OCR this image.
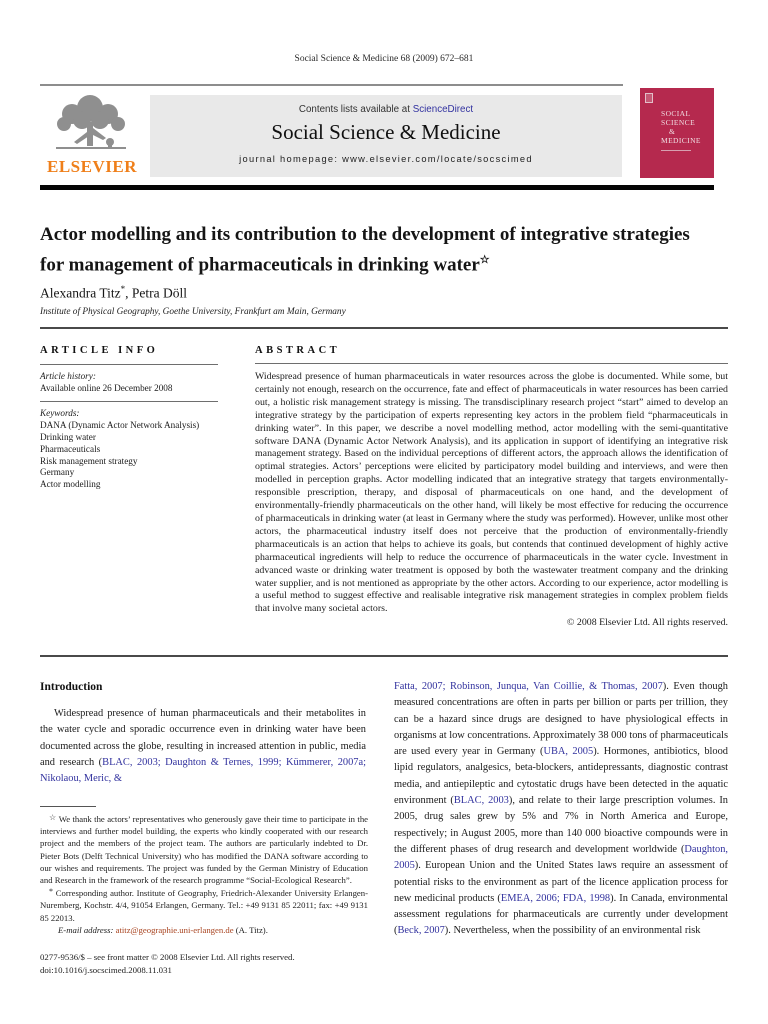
Social Science & Medicine 68 (2009) 672–681
ELSEVIER
Contents lists available at ScienceDirect
Social Science & Medicine
journal homepage: www.elsevier.com/locate/socscimed
SOCIAL
SCIENCE
&
MEDICINE
Actor modelling and its contribution to the development of integrative strategies for management of pharmaceuticals in drinking water☆
Alexandra Titz*, Petra Döll
Institute of Physical Geography, Goethe University, Frankfurt am Main, Germany
ARTICLE INFO
Article history:
Available online 26 December 2008
Keywords:
DANA (Dynamic Actor Network Analysis)
Drinking water
Pharmaceuticals
Risk management strategy
Germany
Actor modelling
ABSTRACT
Widespread presence of human pharmaceuticals in water resources across the globe is documented. While some, but certainly not enough, research on the occurrence, fate and effect of pharmaceuticals in water resources has been carried out, a holistic risk management strategy is missing. The transdisciplinary research project “start” aimed to develop an integrative strategy by the participation of experts representing key actors in the problem field “pharmaceuticals in drinking water”. In this paper, we describe a novel modelling method, actor modelling with the semi-quantitative software DANA (Dynamic Actor Network Analysis), and its application in support of identifying an integrative risk management strategy. Based on the individual perceptions of different actors, the approach allows the identification of optimal strategies. Actors’ perceptions were elicited by participatory model building and interviews, and were then modelled in perception graphs. Actor modelling indicated that an integrative strategy that targets environmentally-responsible prescription, therapy, and disposal of pharmaceuticals on one hand, and the development of environmentally-friendly pharmaceuticals on the other hand, will likely be most effective for reducing the occurrence of pharmaceuticals in drinking water (at least in Germany where the study was performed). However, unlike most other actors, the pharmaceutical industry itself does not perceive that the production of environmentally-friendly pharmaceuticals is an action that helps to achieve its goals, but contends that continued development of highly active pharmaceutical ingredients will help to reduce the occurrence of pharmaceuticals in the water cycle. Investment in advanced waste or drinking water treatment is opposed by both the wastewater treatment company and the drinking water supplier, and is not mentioned as appropriate by the other actors. According to our experience, actor modelling is a useful method to suggest effective and realisable integrative risk management strategies in complex problem fields that involve many societal actors.
© 2008 Elsevier Ltd. All rights reserved.
Introduction

Widespread presence of human pharmaceuticals and their metabolites in the water cycle and sporadic occurrence even in drinking water have been documented across the globe, resulting in increased attention in public, media and research (BLAC, 2003; Daughton & Ternes, 1999; Kümmerer, 2007a; Nikolaou, Meric, &

Fatta, 2007; Robinson, Junqua, Van Coillie, & Thomas, 2007). Even though measured concentrations are often in parts per billion or parts per trillion, they can be a hazard since drugs are designed to have physiological effects in organisms at low concentrations. Approximately 38 000 tons of pharmaceuticals are used every year in Germany (UBA, 2005). Hormones, antibiotics, blood lipid regulators, analgesics, beta-blockers, antidepressants, diagnostic contrast media, and antiepileptic and cytostatic drugs have been detected in the aquatic environment (BLAC, 2003), and relate to their large prescription volumes. In 2005, drug sales grew by 5% and 7% in North America and Europe, respectively; in August 2005, more than 140 000 bioactive compounds were in the different phases of drug research and development worldwide (Daughton, 2005). European Union and the United States laws require an assessment of potential risks to the environment as part of the licence application process for new medicinal products (EMEA, 2006; FDA, 1998). In Canada, environmental assessment regulations for pharmaceuticals are currently under development (Beck, 2007). Nevertheless, when the possibility of an environmental risk

☆ We thank the actors’ representatives who generously gave their time to participate in the interviews and further model building, the experts who kindly cooperated with our research project and the members of the project team. The authors are particularly indebted to Dr. Pieter Bots (Delft Technical University) who has modified the DANA software according to our wishes and requirements. The project was funded by the German Ministry of Education and Research in the framework of the research programme “Social-Ecological Research”.

* Corresponding author. Institute of Geography, Friedrich-Alexander University Erlangen-Nuremberg, Kochstr. 4/4, 91054 Erlangen, Germany. Tel.: +49 9131 85 22011; fax: +49 9131 85 22013.

E-mail address: atitz@geographie.uni-erlangen.de (A. Titz).

0277-9536/$ – see front matter © 2008 Elsevier Ltd. All rights reserved.
doi:10.1016/j.socscimed.2008.11.031
